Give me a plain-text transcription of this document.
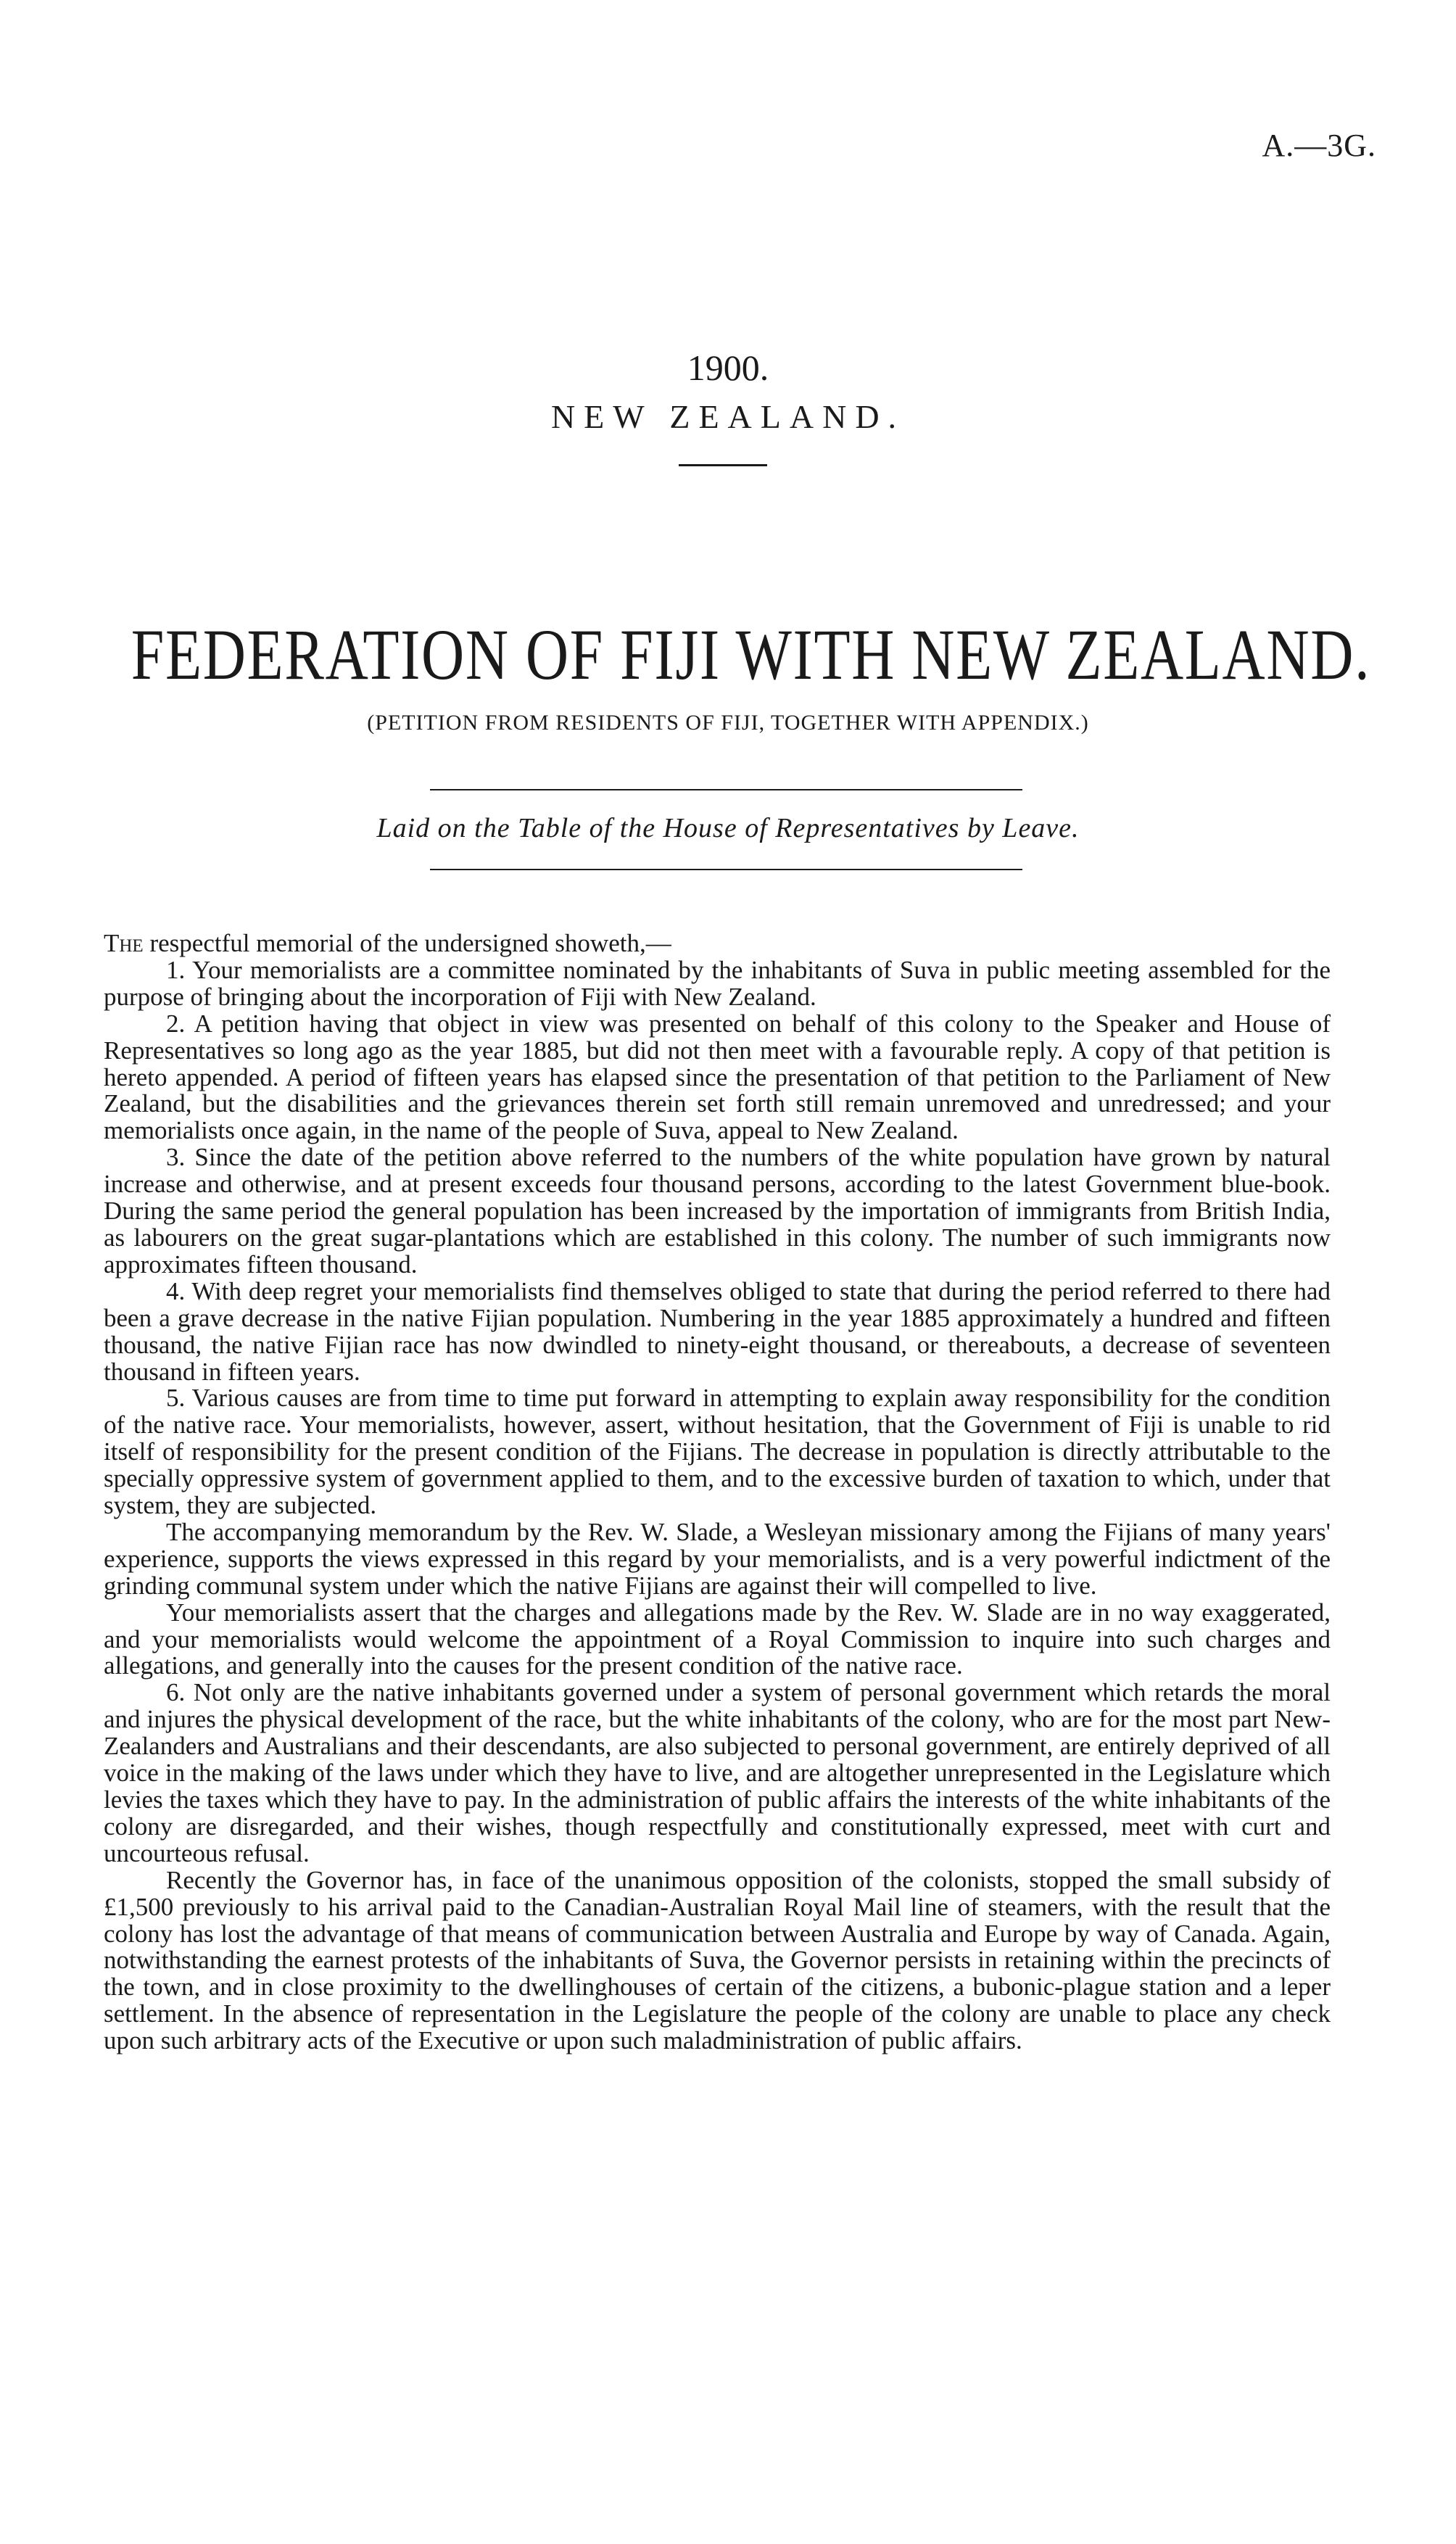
A.—3G.
1900.
NEW ZEALAND.
FEDERATION OF FIJI WITH NEW ZEALAND.
(PETITION FROM RESIDENTS OF FIJI, TOGETHER WITH APPENDIX.)
Laid on the Table of the House of Representatives by Leave.

The respectful memorial of the undersigned showeth,—

1. Your memorialists are a committee nominated by the inhabitants of Suva in public meeting assembled for the purpose of bringing about the incorporation of Fiji with New Zealand.

2. A petition having that object in view was presented on behalf of this colony to the Speaker and House of Representatives so long ago as the year 1885, but did not then meet with a favourable reply. A copy of that petition is hereto appended. A period of fifteen years has elapsed since the presentation of that petition to the Parliament of New Zealand, but the disabilities and the grievances therein set forth still remain unremoved and unredressed; and your memorialists once again, in the name of the people of Suva, appeal to New Zealand.

3. Since the date of the petition above referred to the numbers of the white population have grown by natural increase and otherwise, and at present exceeds four thousand persons, according to the latest Government blue-book. During the same period the general population has been increased by the importation of immigrants from British India, as labourers on the great sugar-plantations which are established in this colony. The number of such immigrants now approximates fifteen thousand.

4. With deep regret your memorialists find themselves obliged to state that during the period referred to there had been a grave decrease in the native Fijian population. Numbering in the year 1885 approximately a hundred and fifteen thousand, the native Fijian race has now dwindled to ninety-eight thousand, or thereabouts, a decrease of seventeen thousand in fifteen years.

5. Various causes are from time to time put forward in attempting to explain away responsibility for the condition of the native race. Your memorialists, however, assert, without hesitation, that the Government of Fiji is unable to rid itself of responsibility for the present condition of the Fijians. The decrease in population is directly attributable to the specially oppressive system of government applied to them, and to the excessive burden of taxation to which, under that system, they are subjected.

The accompanying memorandum by the Rev. W. Slade, a Wesleyan missionary among the Fijians of many years' experience, supports the views expressed in this regard by your memorialists, and is a very powerful indictment of the grinding communal system under which the native Fijians are against their will compelled to live.

Your memorialists assert that the charges and allegations made by the Rev. W. Slade are in no way exaggerated, and your memorialists would welcome the appointment of a Royal Commission to inquire into such charges and allegations, and generally into the causes for the present condition of the native race.

6. Not only are the native inhabitants governed under a system of personal government which retards the moral and injures the physical development of the race, but the white inhabitants of the colony, who are for the most part New-Zealanders and Australians and their descendants, are also subjected to personal government, are entirely deprived of all voice in the making of the laws under which they have to live, and are altogether unrepresented in the Legislature which levies the taxes which they have to pay. In the administration of public affairs the interests of the white inhabitants of the colony are disregarded, and their wishes, though respectfully and constitutionally expressed, meet with curt and uncourteous refusal.

Recently the Governor has, in face of the unanimous opposition of the colonists, stopped the small subsidy of £1,500 previously to his arrival paid to the Canadian-Australian Royal Mail line of steamers, with the result that the colony has lost the advantage of that means of communication between Australia and Europe by way of Canada. Again, notwithstanding the earnest protests of the inhabitants of Suva, the Governor persists in retaining within the precincts of the town, and in close proximity to the dwellinghouses of certain of the citizens, a bubonic-plague station and a leper settlement. In the absence of representation in the Legislature the people of the colony are unable to place any check upon such arbitrary acts of the Executive or upon such maladministration of public affairs.
